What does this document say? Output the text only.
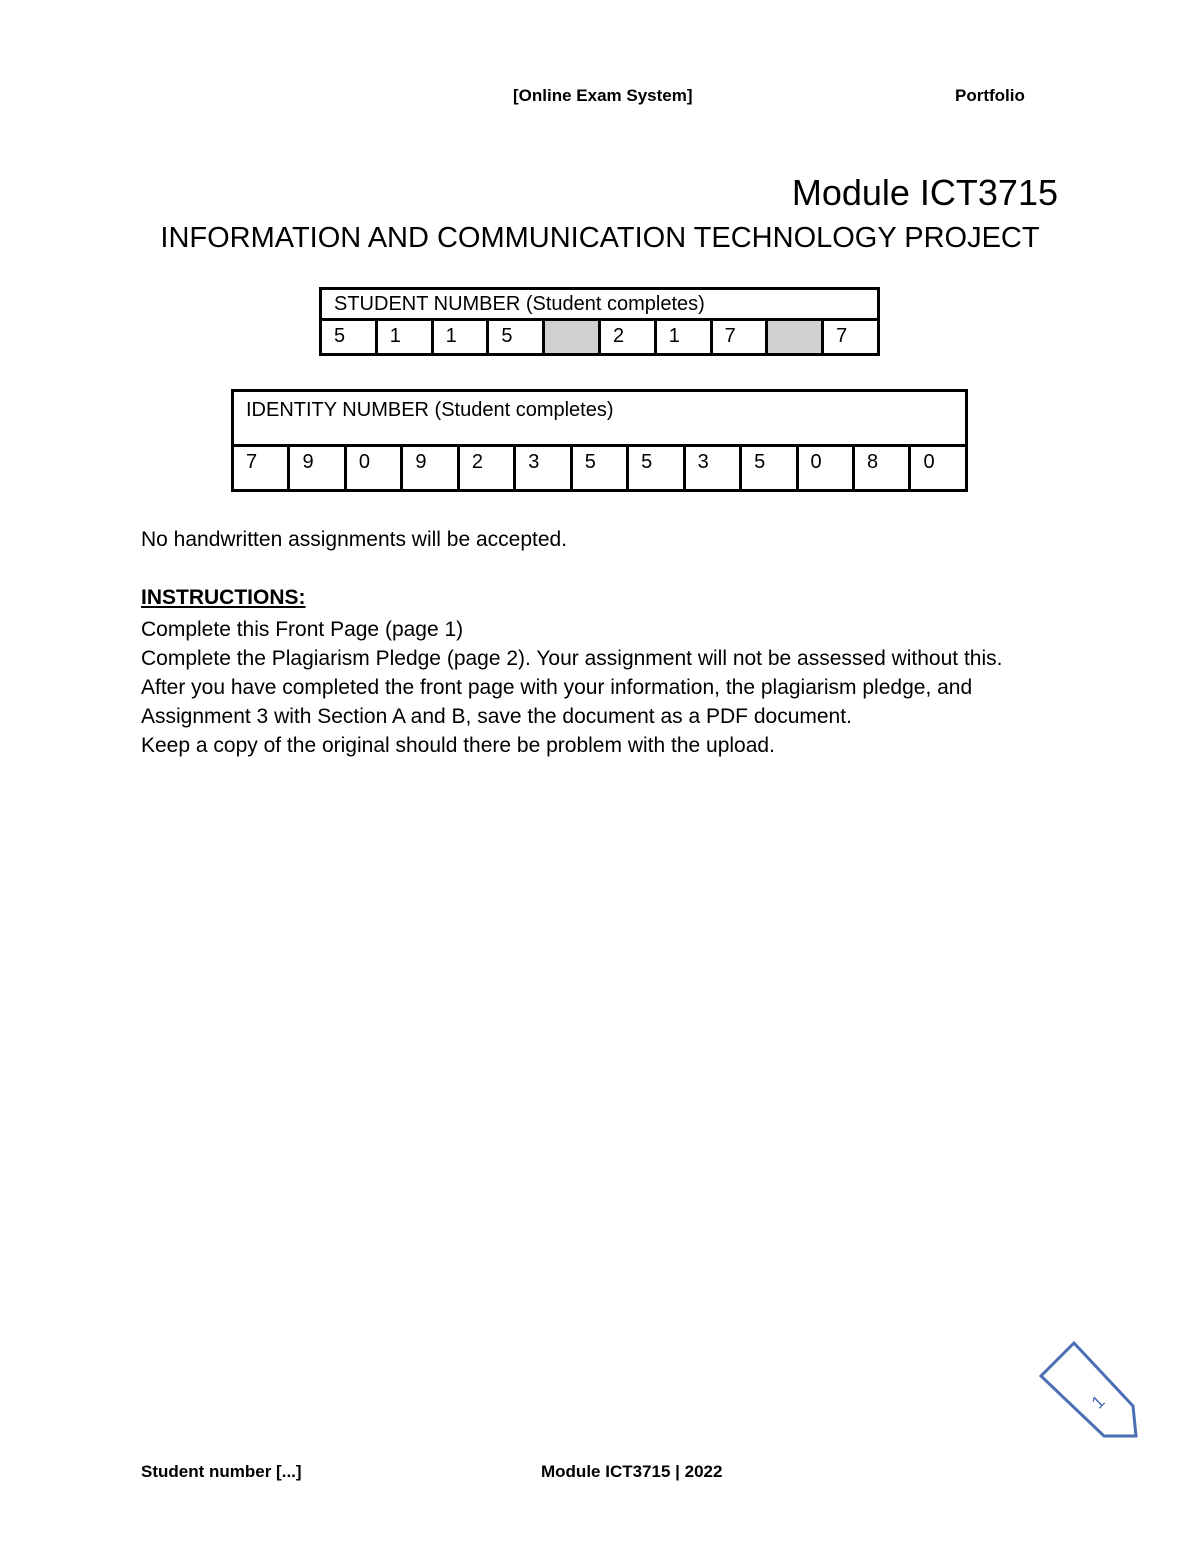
[Online Exam System]	Portfolio
Module ICT3715
INFORMATION AND COMMUNICATION TECHNOLOGY PROJECT
STUDENT NUMBER (Student completes)
5	1	1	5		2	1	7		7
IDENTITY NUMBER (Student completes)
7	9	0	9	2	3	5	5	3	5	0	8	0
No handwritten assignments will be accepted.
INSTRUCTIONS:
Complete this Front Page (page 1)
Complete the Plagiarism Pledge (page 2). Your assignment will not be assessed without this.
After you have completed the front page with your information, the plagiarism pledge, and
Assignment 3 with Section A and B, save the document as a PDF document.
Keep a copy of the original should there be problem with the upload.
1
Student number [...]	Module ICT3715 | 2022
